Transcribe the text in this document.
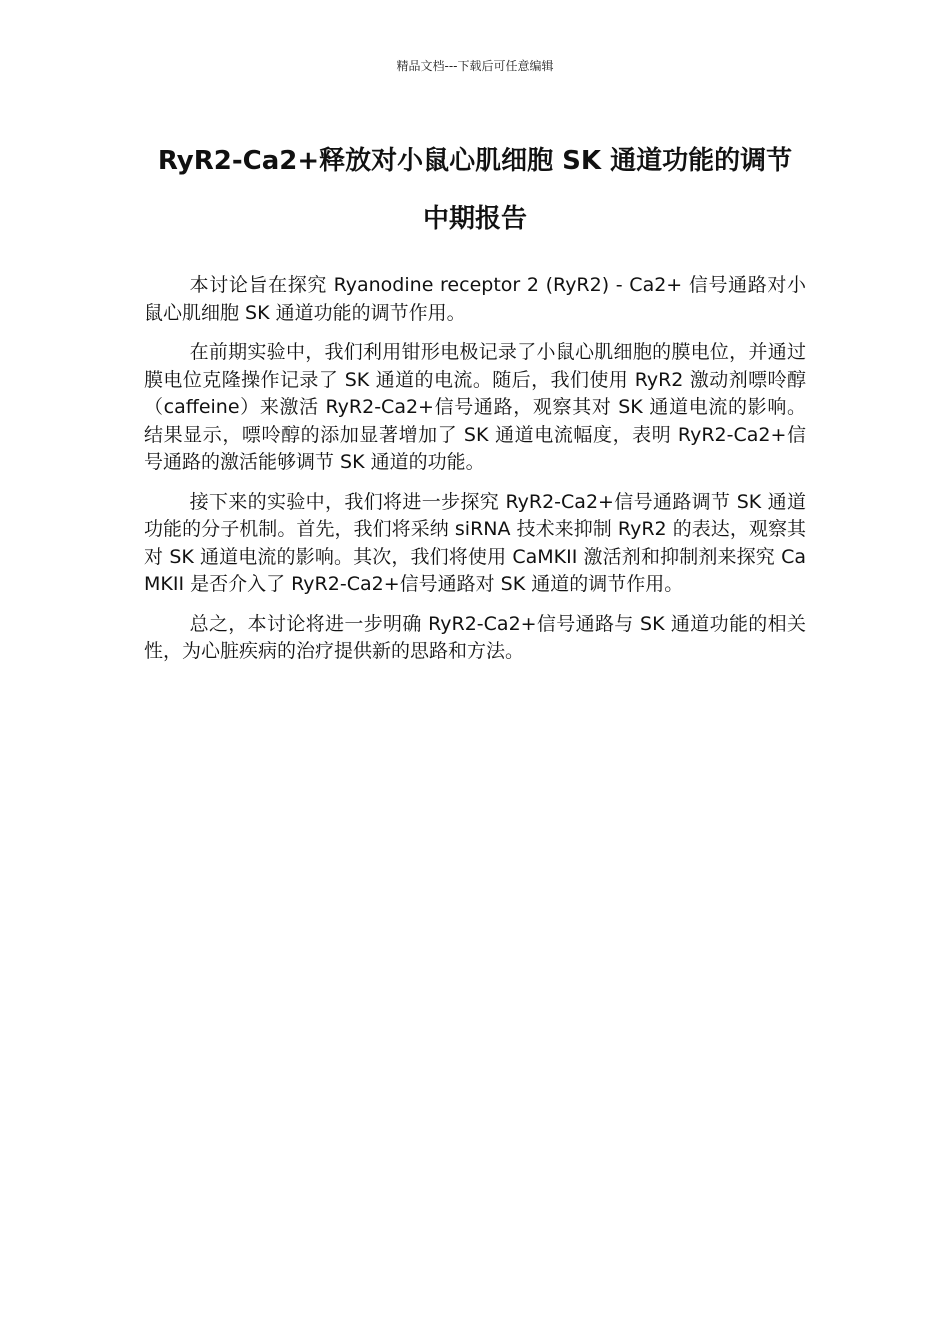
精品文档---下载后可任意编辑
RyR2-Ca2+释放对小鼠心肌细胞 SK 通道功能的调节
中期报告

本讨论旨在探究 Ryanodine receptor 2 (RyR2) - Ca2+ 信号通路对小鼠心肌细胞 SK 通道功能的调节作用。

在前期实验中，我们利用钳形电极记录了小鼠心肌细胞的膜电位，并通过膜电位克隆操作记录了 SK 通道的电流。随后，我们使用 RyR2 激动剂嘌呤醇（caffeine）来激活 RyR2-Ca2+信号通路，观察其对 SK 通道电流的影响。结果显示，嘌呤醇的添加显著增加了 SK 通道电流幅度，表明 RyR2-Ca2+信号通路的激活能够调节 SK 通道的功能。

接下来的实验中，我们将进一步探究 RyR2-Ca2+信号通路调节 SK 通道功能的分子机制。首先，我们将采纳 siRNA 技术来抑制 RyR2 的表达，观察其对 SK 通道电流的影响。其次，我们将使用 CaMKII 激活剂和抑制剂来探究 CaMKII 是否介入了 RyR2-Ca2+信号通路对 SK 通道的调节作用。

总之，本讨论将进一步明确 RyR2-Ca2+信号通路与 SK 通道功能的相关性，为心脏疾病的治疗提供新的思路和方法。
